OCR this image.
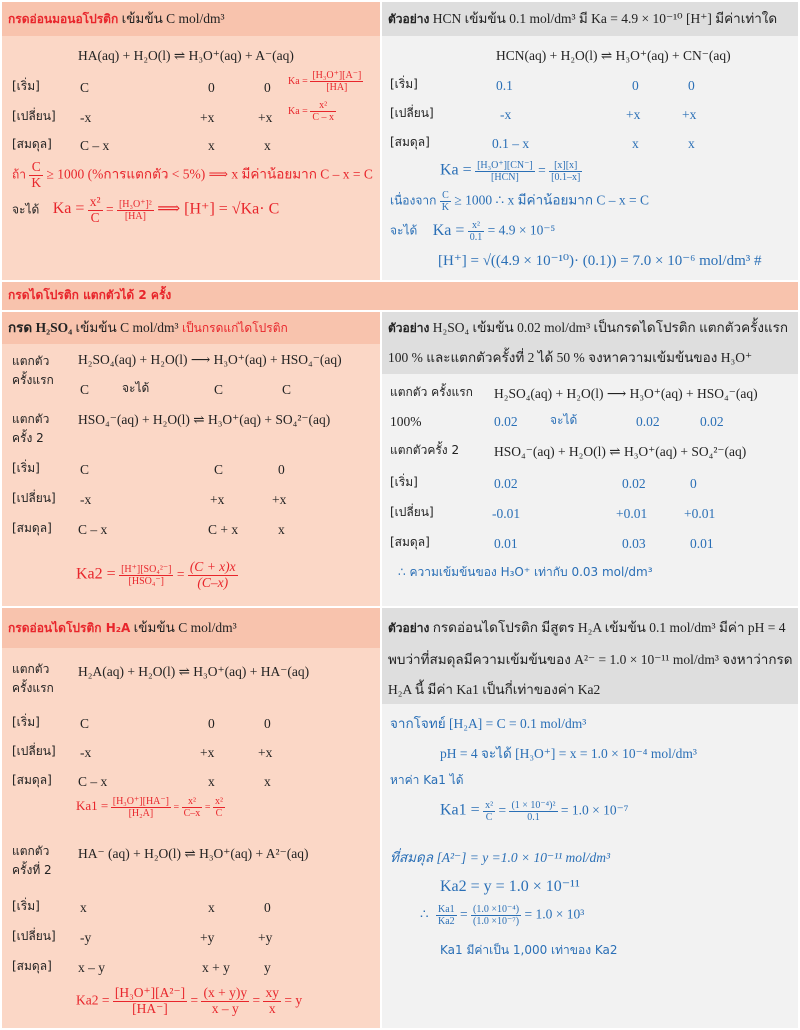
กรดอ่อนมอนอโปรติก เข้มข้น C mol/dm³
HA(aq) + H₂O(l) ⇌ H₃O⁺(aq) + A⁻(aq)
[เริ่ม]	C	0	0 $Ka = \frac{\text{[H₃O⁺][A⁻]}}{[HA]}$
[เปลี่ยน] -x	+x	+x $Ka = \frac{\text{x²}}{C - x}$
[สมดุล] C – x	x	x
ถ้า $\frac{C}{K} \ge 1000$ (%การแตกตัว < 5%) ⟹ x มีค่าน้อยมาก C – x = C
จะได้ $Ka = \frac{\text{x²}}{C} = \frac{\text{[H₃O⁺]²}}{[HA]}$ ⟹ [H⁺] = √Ka· C
ตัวอย่าง HCN เข้มข้น 0.1 mol/dm³ มี Ka = 4.9 × 10⁻¹⁰ [H⁺] มีค่าเท่าใด
HCN(aq) + H₂O(l) ⇌ H₃O⁺(aq) + CN⁻(aq)
[เริ่ม]	0.1	0	0
[เปลี่ยน]	-x	+x	+x
[สมดุล]	0.1 – x	x	x
$Ka = \frac{\text{[H₃O⁺][CN⁻]}}{\text{[HCN]}} = \frac{[x][x]}{[0.1-x]}$
เนื่องจาก $\frac{C}{K} \ge 1000$ ∴ x มีค่าน้อยมาก C – x = C
จะได้ $Ka = \frac{\text{x²}}{0.1} = 4.9 \times 10^{-5}$
[H⁺] = √((4.9 × 10⁻¹⁰)· (0.1)) = 7.0 × 10⁻⁶ mol/dm³ #
กรดไดโปรติก แตกตัวได้ 2 ครั้ง
กรด H₂SO₄ เข้มข้น C mol/dm³ เป็นกรดแก่ไดโปรติก
แตกตัว
ครั้งแรก
H₂SO₄(aq) + H₂O(l) ⟶ H₃O⁺(aq) + HSO₄⁻(aq)
C	จะได้	C	C
แตกตัว
ครั้ง 2
HSO₄⁻(aq) + H₂O(l) ⇌ H₃O⁺(aq) + SO₄²⁻(aq)
[เริ่ม]	C	C	0
[เปลี่ยน] -x	+x	+x
[สมดุล] C – x	C + x	x
$Ka2 = \frac{\text{[H⁺][SO₄²⁻]}}{\text{[HSO₄⁻]}} = \frac{(C + x)x}{(C-x)}$
ตัวอย่าง H₂SO₄ เข้มข้น 0.02 mol/dm³ เป็นกรดไดโปรติก แตกตัวครั้งแรก
100 % และแตกตัวครั้งที่ 2 ได้ 50 % จงหาความเข้มข้นของ H₃O⁺
แตกตัว ครั้งแรก H₂SO₄(aq) + H₂O(l) ⟶ H₃O⁺(aq) + HSO₄⁻(aq)
100%	0.02	จะได้	0.02	0.02
แตกตัวครั้ง 2	HSO₄⁻(aq) + H₂O(l) ⇌ H₃O⁺(aq) + SO₄²⁻(aq)
[เริ่ม]	0.02	0.02	0
[เปลี่ยน]	-0.01	+0.01	+0.01
[สมดุล]	0.01	0.03	0.01
∴ ความเข้มข้นของ H₃O⁺ เท่ากับ 0.03 mol/dm³
กรดอ่อนไดโปรติก H₂A เข้มข้น C mol/dm³
แตกตัว
ครั้งแรก
H₂A(aq) + H₂O(l) ⇌ H₃O⁺(aq) + HA⁻(aq)
[เริ่ม]	C	0	0
[เปลี่ยน] -x	+x	+x
[สมดุล] C – x	x	x
$Ka1 = \frac{\text{[H₃O⁺][HA⁻]}}{\text{[H₂A]}} = \frac{\text{x²}}{C-x} = \frac{\text{x²}}{C}$
แตกตัว
ครั้งที่ 2
HA⁻ (aq) + H₂O(l) ⇌ H₃O⁺(aq) + A²⁻(aq)
[เริ่ม]	x	x	0
[เปลี่ยน] -y	+y	+y
[สมดุล] x – y	x + y	y
$Ka2 = \frac{\text{[H₃O⁺][A²⁻]}}{[HA^-]} = \frac{(x + y)y}{x - y} = \frac{xy}{x} = y$
ตัวอย่าง กรดอ่อนไดโปรติก มีสูตร H₂A เข้มข้น 0.1 mol/dm³ มีค่า pH = 4
พบว่าที่สมดุลมีความเข้มข้นของ A²⁻ = 1.0 × 10⁻¹¹ mol/dm³ จงหาว่ากรด
H₂A นี้ มีค่า Ka1 เป็นกี่เท่าของค่า Ka2
จากโจทย์ [H₂A] = C = 0.1 mol/dm³
pH = 4 จะได้ [H₃O⁺] = x = 1.0 × 10⁻⁴ mol/dm³
หาค่า Ka1 ได้
$Ka1 = \frac{\text{x²}}{C} = \frac{\text{(1 × 10⁻⁴)²}}{0.1} = 1.0 \times 10^{-7}$
ที่สมดุล [A²⁻] = y =1.0 × 10⁻¹¹ mol/dm³
Ka2 = y = 1.0 × 10⁻¹¹
∴ $\frac{Ka1}{Ka2} = \frac{\text{(1.0 ×10⁻⁴)}}{\text{(1.0 ×10⁻⁷)}} = 1.0 \times 10^3$
Ka1 มีค่าเป็น 1,000 เท่าของ Ka2
